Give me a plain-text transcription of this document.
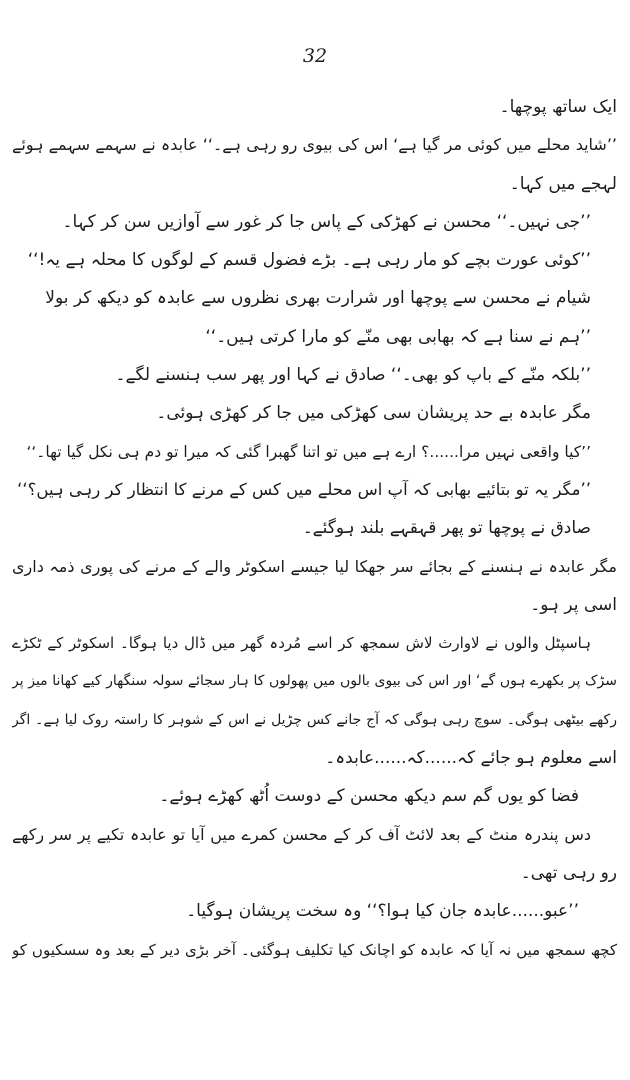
32
ایک ساتھ پوچھا۔
’’شاید محلے میں کوئی مر گیا ہے‘ اس کی بیوی رو رہی ہے۔‘‘ عابدہ نے سہمے سہمے ہوئے
لہجے میں کہا۔
’’جی نہیں۔‘‘ محسن نے کھڑکی کے پاس جا کر غور سے آوازیں سن کر کہا۔
’’کوئی عورت بچے کو مار رہی ہے۔ بڑے فضول قسم کے لوگوں کا محلہ ہے یہ!‘‘
شیام نے محسن سے پوچھا اور شرارت بھری نظروں سے عابدہ کو دیکھ کر بولا
’’ہم نے سنا ہے کہ بھابی بھی منّے کو مارا کرتی ہیں۔‘‘
’’بلکہ منّے کے باپ کو بھی۔‘‘ صادق نے کہا اور پھر سب ہنسنے لگے۔
مگر عابدہ بے حد پریشان سی کھڑکی میں جا کر کھڑی ہوئی۔
’’کیا واقعی نہیں مرا......؟ ارے ہے میں تو اتنا گھبرا گئی کہ میرا تو دم ہی نکل گیا تھا۔‘‘
’’مگر یہ تو بتائیے بھابی کہ آپ اس محلے میں کس کے مرنے کا انتظار کر رہی ہیں؟‘‘
صادق نے پوچھا تو پھر قہقہے بلند ہوگئے۔
مگر عابدہ نے ہنسنے کے بجائے سر جھکا لیا جیسے اسکوٹر والے کے مرنے کی پوری ذمہ داری
اسی پر ہو۔
ہاسپٹل والوں نے لاوارث لاش سمجھ کر اسے مُردہ گھر میں ڈال دیا ہوگا۔ اسکوٹر کے ٹکڑے
سڑک پر بکھرے ہوں گے‘ اور اس کی بیوی بالوں میں پھولوں کا ہار سجائے سولہ سنگھار کیے کھانا میز پر
رکھے بیٹھی ہوگی۔ سوچ رہی ہوگی کہ آج جانے کس چڑیل نے اس کے شوہر کا راستہ روک لیا ہے۔ اگر
اسے معلوم ہو جائے کہ......کہ......عابدہ۔
فضا کو یوں گم سم دیکھ محسن کے دوست اُٹھ کھڑے ہوئے۔
دس پندرہ منٹ کے بعد لائٹ آف کر کے محسن کمرے میں آیا تو عابدہ تکیے پر سر رکھے
رو رہی تھی۔
’’عبو......عابدہ جان کیا ہوا؟‘‘ وہ سخت پریشان ہوگیا۔
کچھ سمجھ میں نہ آیا کہ عابدہ کو اچانک کیا تکلیف ہوگئی۔ آخر بڑی دیر کے بعد وہ سسکیوں کو
